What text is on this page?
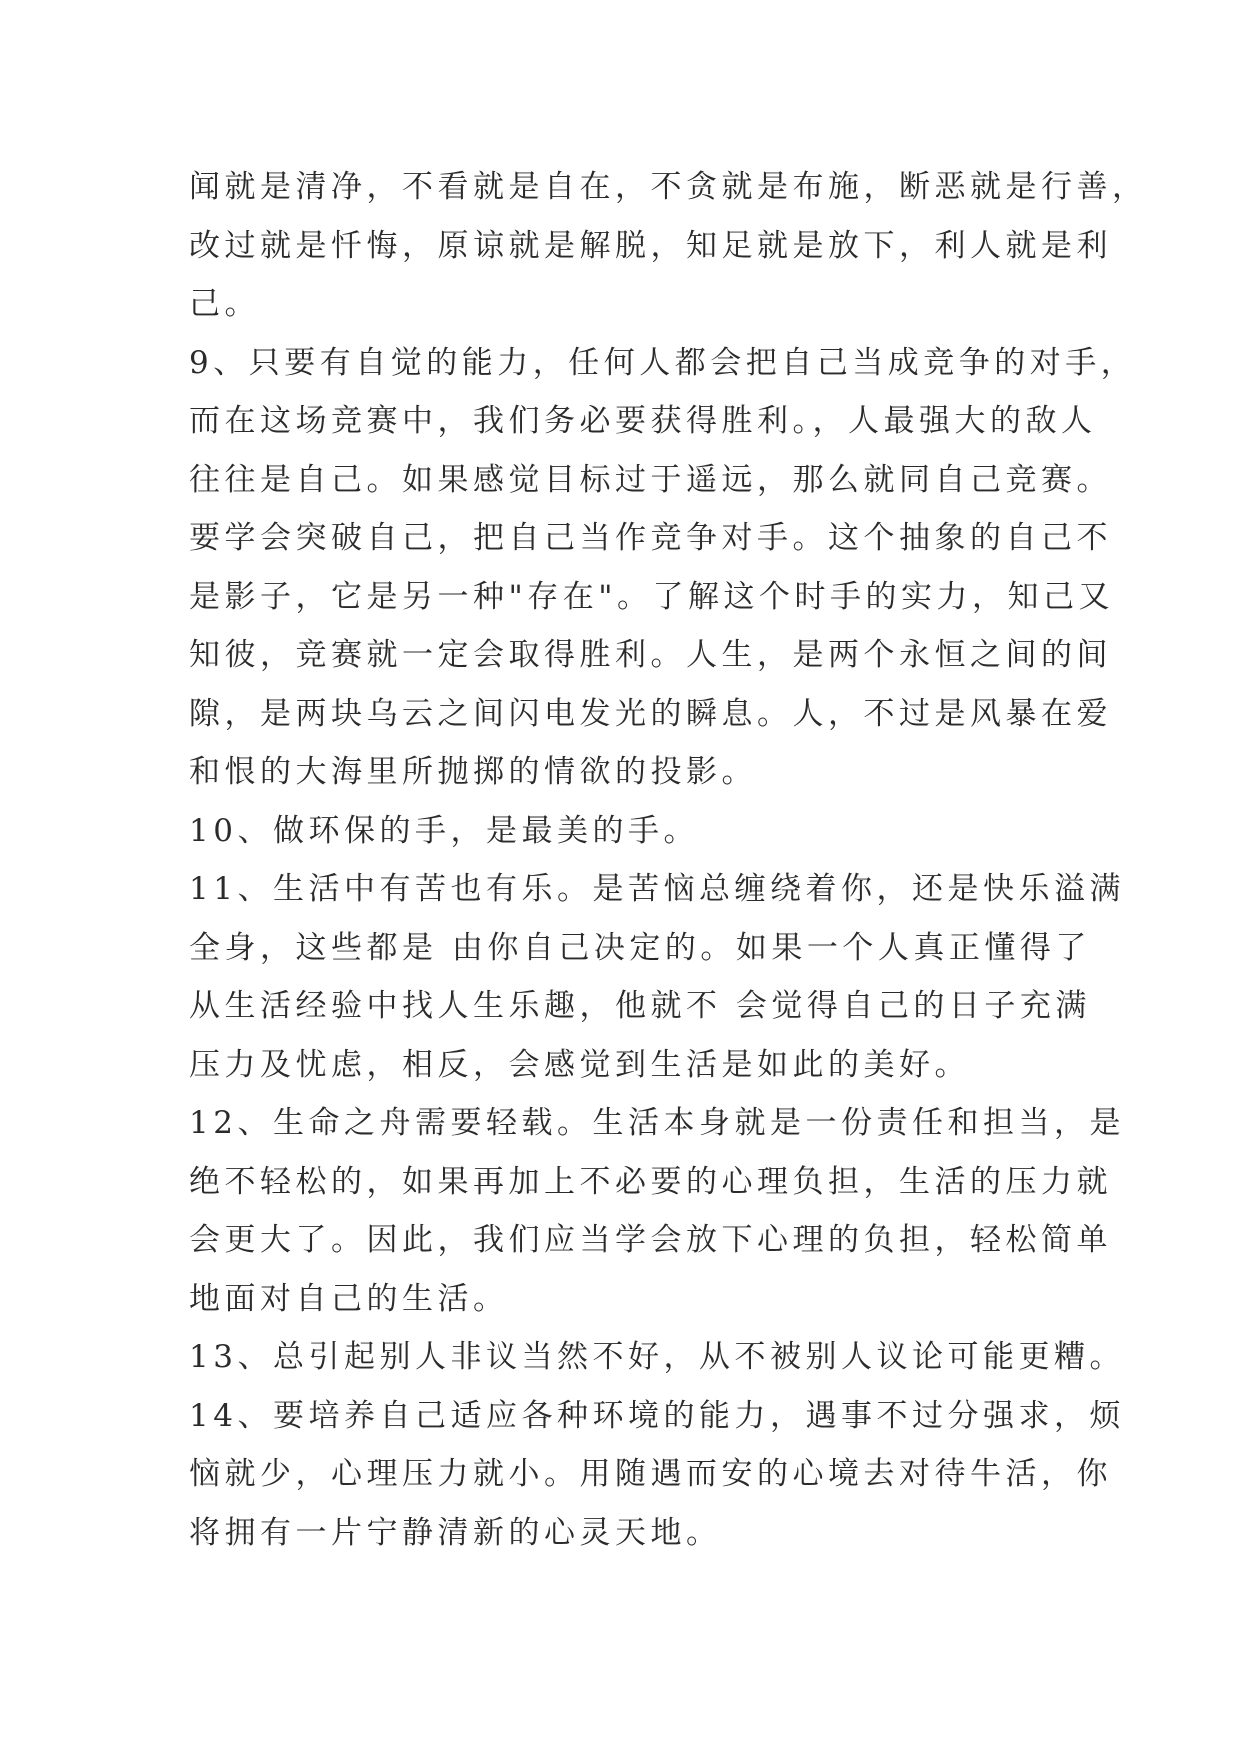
闻就是清净，不看就是自在，不贪就是布施，断恶就是行善，
改过就是忏悔，原谅就是解脱，知足就是放下，利人就是利
己。
9、只要有自觉的能力，任何人都会把自己当成竞争的对手，
而在这场竞赛中，我们务必要获得胜利。，人最强大的敌人
往往是自己。如果感觉目标过于遥远，那么就同自己竞赛。
要学会突破自己，把自己当作竞争对手。这个抽象的自己不
是影子，它是另一种"存在"。了解这个时手的实力，知己又
知彼，竞赛就一定会取得胜利。人生，是两个永恒之间的间
隙，是两块乌云之间闪电发光的瞬息。人，不过是风暴在爱
和恨的大海里所抛掷的情欲的投影。
10、做环保的手，是最美的手。
11、生活中有苦也有乐。是苦恼总缠绕着你，还是快乐溢满
全身，这些都是 由你自己决定的。如果一个人真正懂得了
从生活经验中找人生乐趣，他就不 会觉得自己的日子充满
压力及忧虑，相反，会感觉到生活是如此的美好。
12、生命之舟需要轻载。生活本身就是一份责任和担当，是
绝不轻松的，如果再加上不必要的心理负担，生活的压力就
会更大了。因此，我们应当学会放下心理的负担，轻松简单
地面对自己的生活。
13、总引起别人非议当然不好，从不被别人议论可能更糟。
14、要培养自己适应各种环境的能力，遇事不过分强求，烦
恼就少，心理压力就小。用随遇而安的心境去对待牛活，你
将拥有一片宁静清新的心灵天地。
